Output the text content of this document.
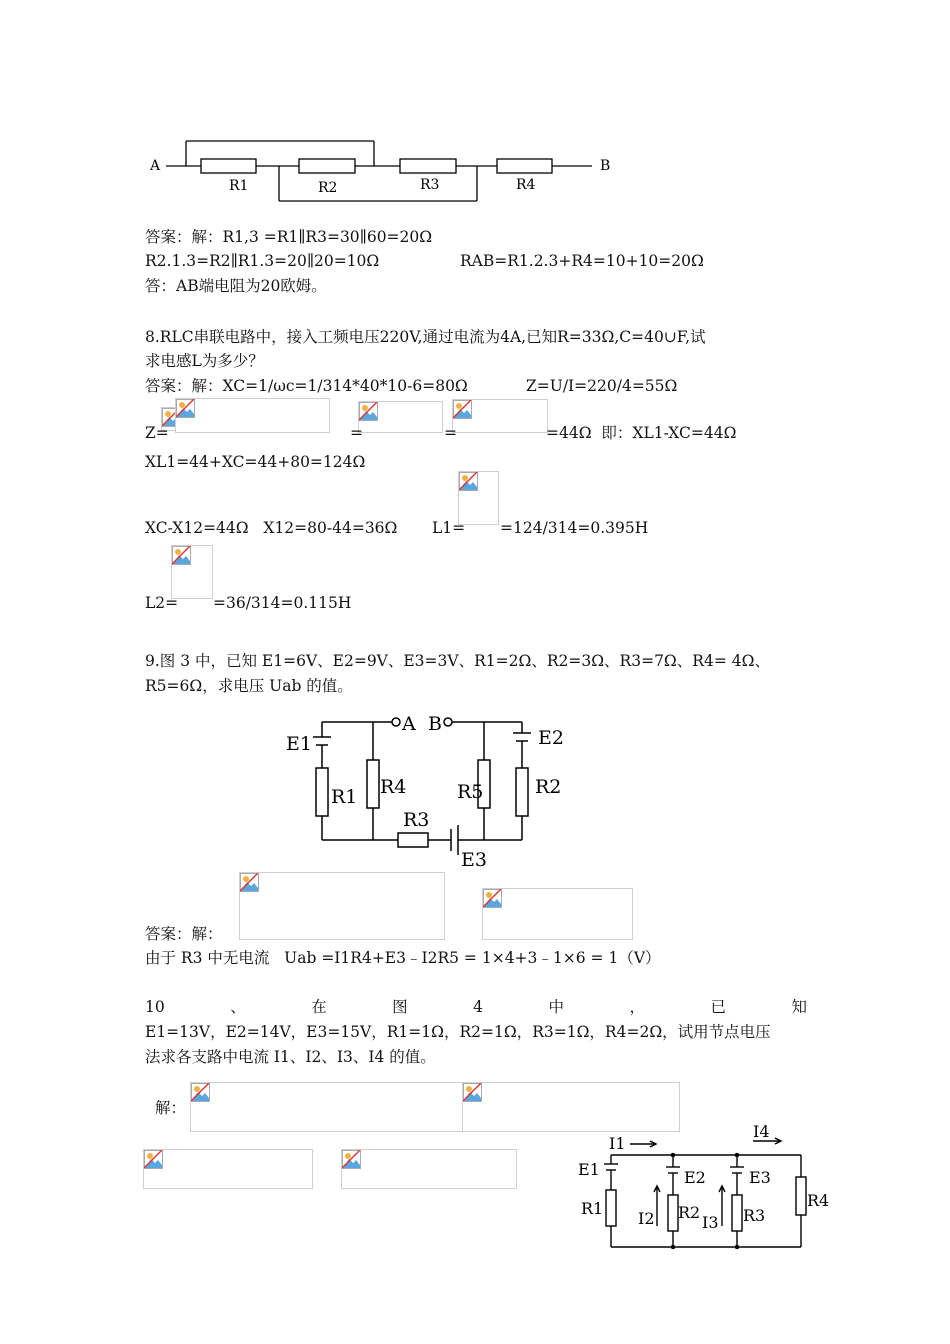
A	B
R1	R2	R3	R4
答案：解：R1,3 =R1∥R3=30∥60=20Ω
R2.1.3=R2∥R1.3=20∥20=10Ω	RAB=R1.2.3+R4=10+10=20Ω
答：AB端电阻为20欧姆。
8.RLC串联电路中，接入工频电压220V,通过电流为4A,已知R=33Ω,C=40∪F,试
求电感L为多少？
答案：解：XC=1/ωc=1/314*40*10-6=80Ω	Z=U/I=220/4=55Ω
Z=	=	=	=44Ω  即：XL1-XC=44Ω
XL1=44+XC=44+80=124Ω
XC-X12=44Ω   X12=80-44=36Ω L1= =124/314=0.395H
L2= =36/314=0.115H
9.图 3 中，已知 E1=6V、E2=9V、E3=3V、R1=2Ω、R2=3Ω、R3=7Ω、R4= 4Ω、
R5=6Ω，求电压 Uab 的值。
E1
R1 R4
R3
E3
R5	R2
E2
A B
答案：解：
由于 R3 中无电流   Uab =I1R4+E3﹣I2R5 = 1×4+3﹣1×6 = 1（V）
10	、	在	图	4	中	，	已	知
E1=13V，E2=14V，E3=15V，R1=1Ω，R2=1Ω，R3=1Ω，R4=2Ω，试用节点电压
法求各支路中电流 I1、I2、I3、I4 的值。
解：
I1
I4
E1
R1
E2
I2 R2
E3
I3 R3
R4
